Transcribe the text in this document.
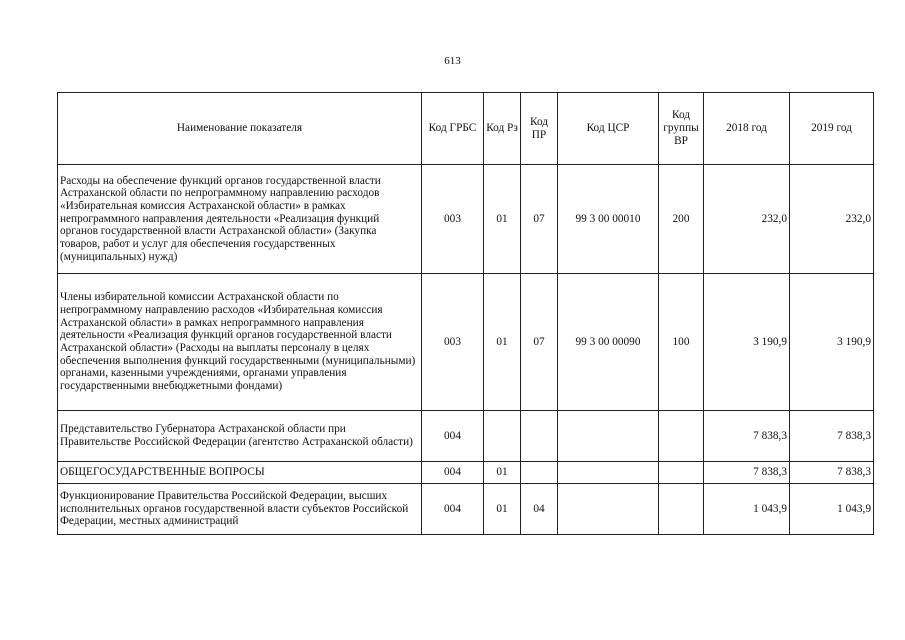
613
Наименование показателя	Код ГРБС	Код Рз	Код ПР	Код ЦСР	Код группы ВР	2018 год	2019 год
Расходы на обеспечение функций органов государственной власти Астраханской области по непрограммному направлению расходов «Избирательная комиссия Астраханской области» в рамках непрограммного направления деятельности «Реализация функций органов государственной власти Астраханской области» (Закупка товаров, работ и услуг для обеспечения государственных (муниципальных) нужд)	003	01	07	99 3 00 00010	200	232,0	232,0
Члены избирательной комиссии Астраханской области по непрограммному направлению расходов «Избирательная комиссия Астраханской области» в рамках непрограммного направления деятельности «Реализация функций органов государственной власти Астраханской области» (Расходы на выплаты персоналу в целях обеспечения выполнения функций государственными (муниципальными) органами, казенными учреждениями, органами управления государственными внебюджетными фондами)	003	01	07	99 3 00 00090	100	3 190,9	3 190,9
Представительство Губернатора Астраханской области при Правительстве Российской Федерации (агентство Астраханской области)	004					7 838,3	7 838,3
ОБЩЕГОСУДАРСТВЕННЫЕ ВОПРОСЫ	004	01				7 838,3	7 838,3
Функционирование Правительства Российской Федерации, высших исполнительных органов государственной власти субъектов Российской Федерации, местных администраций	004	01	04			1 043,9	1 043,9
